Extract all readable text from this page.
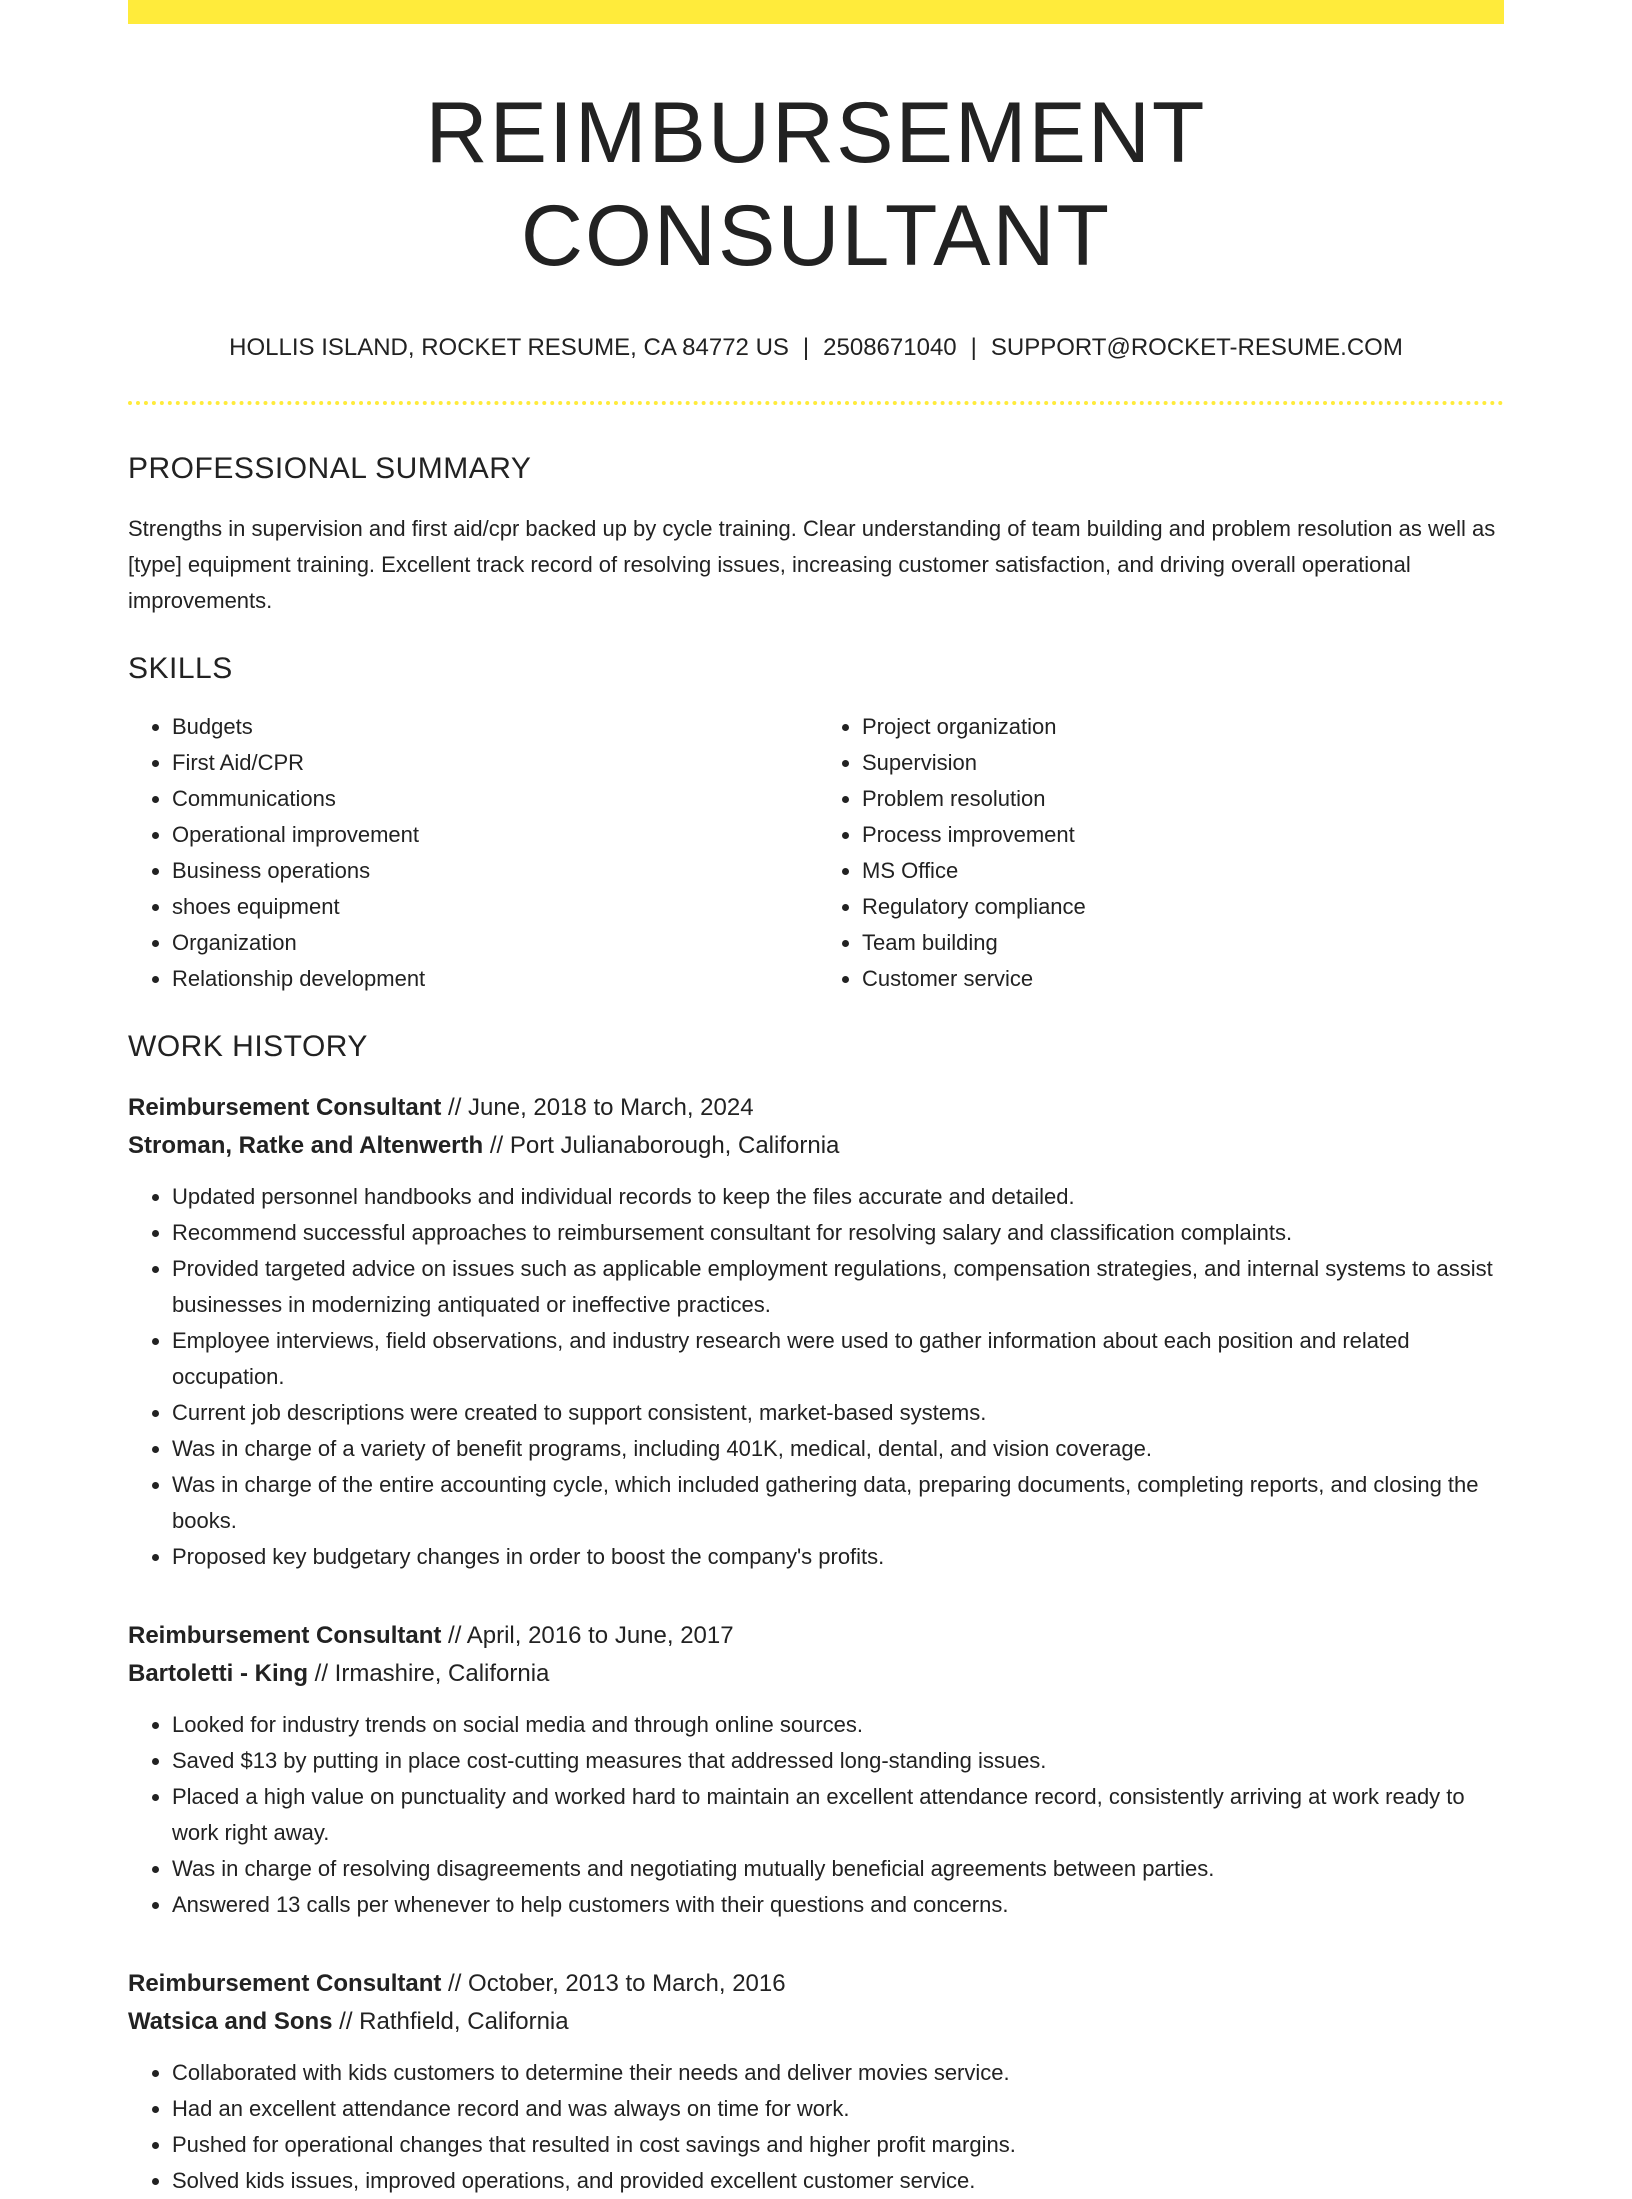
REIMBURSEMENT CONSULTANT
HOLLIS ISLAND, ROCKET RESUME, CA 84772 US | 2508671040 | SUPPORT@ROCKET-RESUME.COM
PROFESSIONAL SUMMARY
Strengths in supervision and first aid/cpr backed up by cycle training. Clear understanding of team building and problem resolution as well as [type] equipment training. Excellent track record of resolving issues, increasing customer satisfaction, and driving overall operational improvements.
SKILLS
• Budgets
• First Aid/CPR
• Communications
• Operational improvement
• Business operations
• shoes equipment
• Organization
• Relationship development
• Project organization
• Supervision
• Problem resolution
• Process improvement
• MS Office
• Regulatory compliance
• Team building
• Customer service
WORK HISTORY
Reimbursement Consultant // June, 2018 to March, 2024
Stroman, Ratke and Altenwerth // Port Julianaborough, California
• Updated personnel handbooks and individual records to keep the files accurate and detailed.
• Recommend successful approaches to reimbursement consultant for resolving salary and classification complaints.
• Provided targeted advice on issues such as applicable employment regulations, compensation strategies, and internal systems to assist businesses in modernizing antiquated or ineffective practices.
• Employee interviews, field observations, and industry research were used to gather information about each position and related occupation.
• Current job descriptions were created to support consistent, market-based systems.
• Was in charge of a variety of benefit programs, including 401K, medical, dental, and vision coverage.
• Was in charge of the entire accounting cycle, which included gathering data, preparing documents, completing reports, and closing the books.
• Proposed key budgetary changes in order to boost the company's profits.
Reimbursement Consultant // April, 2016 to June, 2017
Bartoletti - King // Irmashire, California
• Looked for industry trends on social media and through online sources.
• Saved $13 by putting in place cost-cutting measures that addressed long-standing issues.
• Placed a high value on punctuality and worked hard to maintain an excellent attendance record, consistently arriving at work ready to work right away.
• Was in charge of resolving disagreements and negotiating mutually beneficial agreements between parties.
• Answered 13 calls per whenever to help customers with their questions and concerns.
Reimbursement Consultant // October, 2013 to March, 2016
Watsica and Sons // Rathfield, California
• Collaborated with kids customers to determine their needs and deliver movies service.
• Had an excellent attendance record and was always on time for work.
• Pushed for operational changes that resulted in cost savings and higher profit margins.
• Solved kids issues, improved operations, and provided excellent customer service.
